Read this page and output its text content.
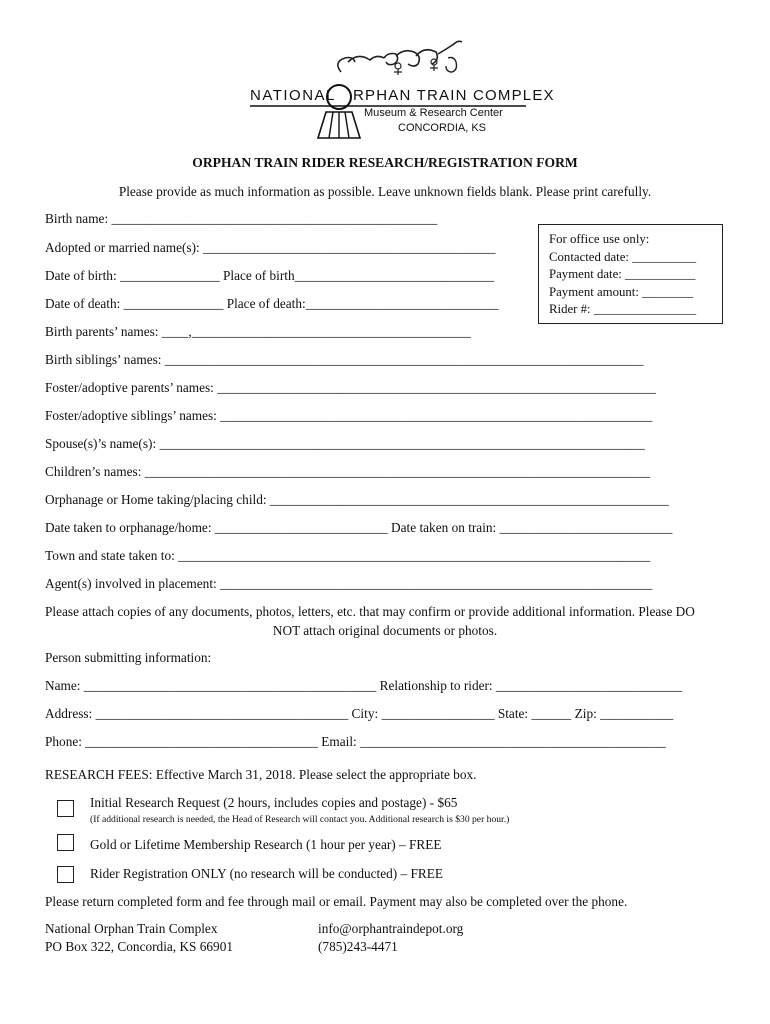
NATIONAL RPHAN TRAIN COMPLEX
Museum & Research Center
CONCORDIA, KS
ORPHAN TRAIN RIDER RESEARCH/REGISTRATION FORM
Please provide as much information as possible. Leave unknown fields blank. Please print carefully.
Birth name: _________________________________________________
Adopted or married name(s): ____________________________________________
Date of birth: _______________ Place of birth______________________________
Date of death: _______________ Place of death:_____________________________
Birth parents’ names: ____,__________________________________________
Birth siblings’ names: ________________________________________________________________________
Foster/adoptive parents’ names: __________________________________________________________________
Foster/adoptive siblings’ names: _________________________________________________________________
Spouse(s)’s name(s): _________________________________________________________________________
Children’s names: ____________________________________________________________________________
Orphanage or Home taking/placing child: ____________________________________________________________
Date taken to orphanage/home: __________________________ Date taken on train: __________________________
Town and state taken to: _______________________________________________________________________
Agent(s) involved in placement: _________________________________________________________________
For office use only:
Contacted date: __________
Payment date: ___________
Payment amount: ________
Rider #: ________________
Please attach copies of any documents, photos, letters, etc. that may confirm or provide additional information. Please DO
NOT attach original documents or photos.
Person submitting information:
Name: ____________________________________________ Relationship to rider: ____________________________
Address: ______________________________________ City: _________________ State: ______ Zip: ___________
Phone: ___________________________________ Email: ______________________________________________
RESEARCH FEES: Effective March 31, 2018. Please select the appropriate box.
Initial Research Request (2 hours, includes copies and postage) - $65
(If additional research is needed, the Head of Research will contact you. Additional research is $30 per hour.)
Gold or Lifetime Membership Research (1 hour per year) – FREE
Rider Registration ONLY (no research will be conducted) – FREE
Please return completed form and fee through mail or email. Payment may also be completed over the phone.
National Orphan Train Complex
PO Box 322, Concordia, KS 66901
info@orphantraindepot.org
(785)243-4471
